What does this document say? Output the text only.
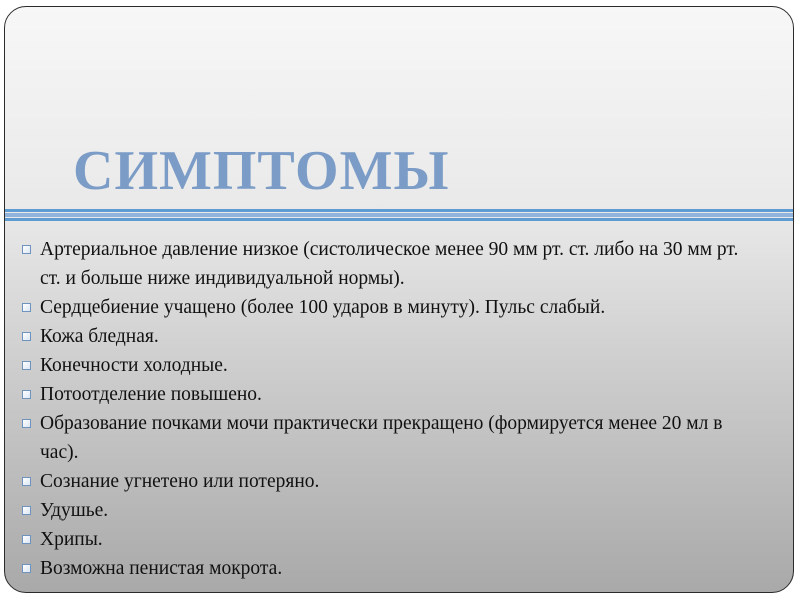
СИМПТОМЫ
Артериальное давление низкое (систолическое менее 90 мм рт. ст. либо на 30 мм рт. ст. и больше ниже индивидуальной нормы).
Сердцебиение учащено (более 100 ударов в минуту). Пульс слабый.
Кожа бледная.
Конечности холодные.
Потоотделение повышено.
Образование почками мочи практически прекращено (формируется менее 20 мл в час).
Сознание угнетено или потеряно.
Удушье.
Хрипы.
Возможна пенистая мокрота.
